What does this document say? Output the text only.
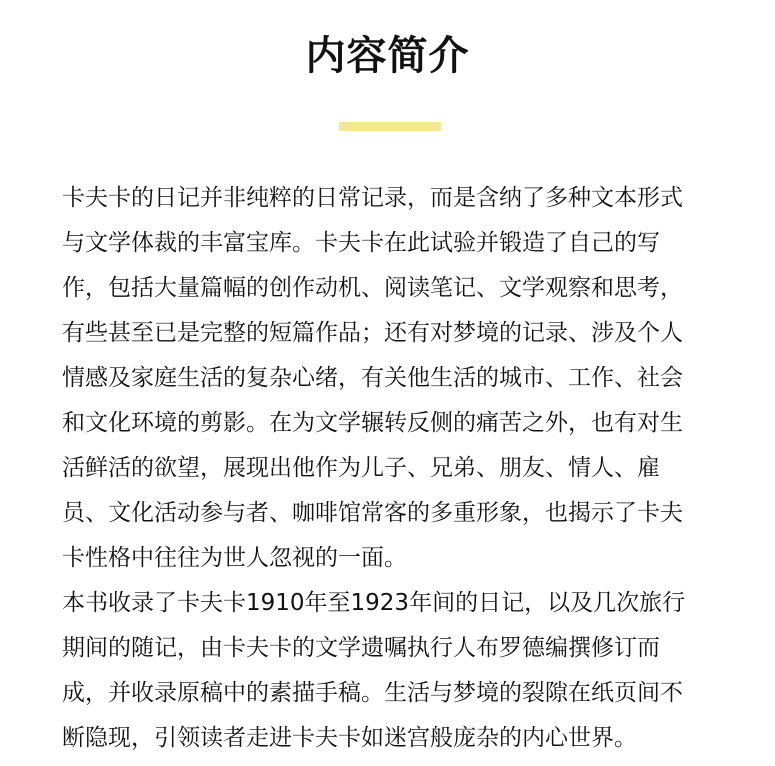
内容简介

卡夫卡的日记并非纯粹的日常记录，而是含纳了多种文本形式
与文学体裁的丰富宝库。卡夫卡在此试验并锻造了自己的写
作，包括大量篇幅的创作动机、阅读笔记、文学观察和思考，
有些甚至已是完整的短篇作品；还有对梦境的记录、涉及个人
情感及家庭生活的复杂心绪，有关他生活的城市、工作、社会
和文化环境的剪影。在为文学辗转反侧的痛苦之外，也有对生
活鲜活的欲望，展现出他作为儿子、兄弟、朋友、情人、雇
员、文化活动参与者、咖啡馆常客的多重形象，也揭示了卡夫
卡性格中往往为世人忽视的一面。

本书收录了卡夫卡1910年至1923年间的日记，以及几次旅行
期间的随记，由卡夫卡的文学遗嘱执行人布罗德编撰修订而
成，并收录原稿中的素描手稿。生活与梦境的裂隙在纸页间不
断隐现，引领读者走进卡夫卡如迷宫般庞杂的内心世界。
